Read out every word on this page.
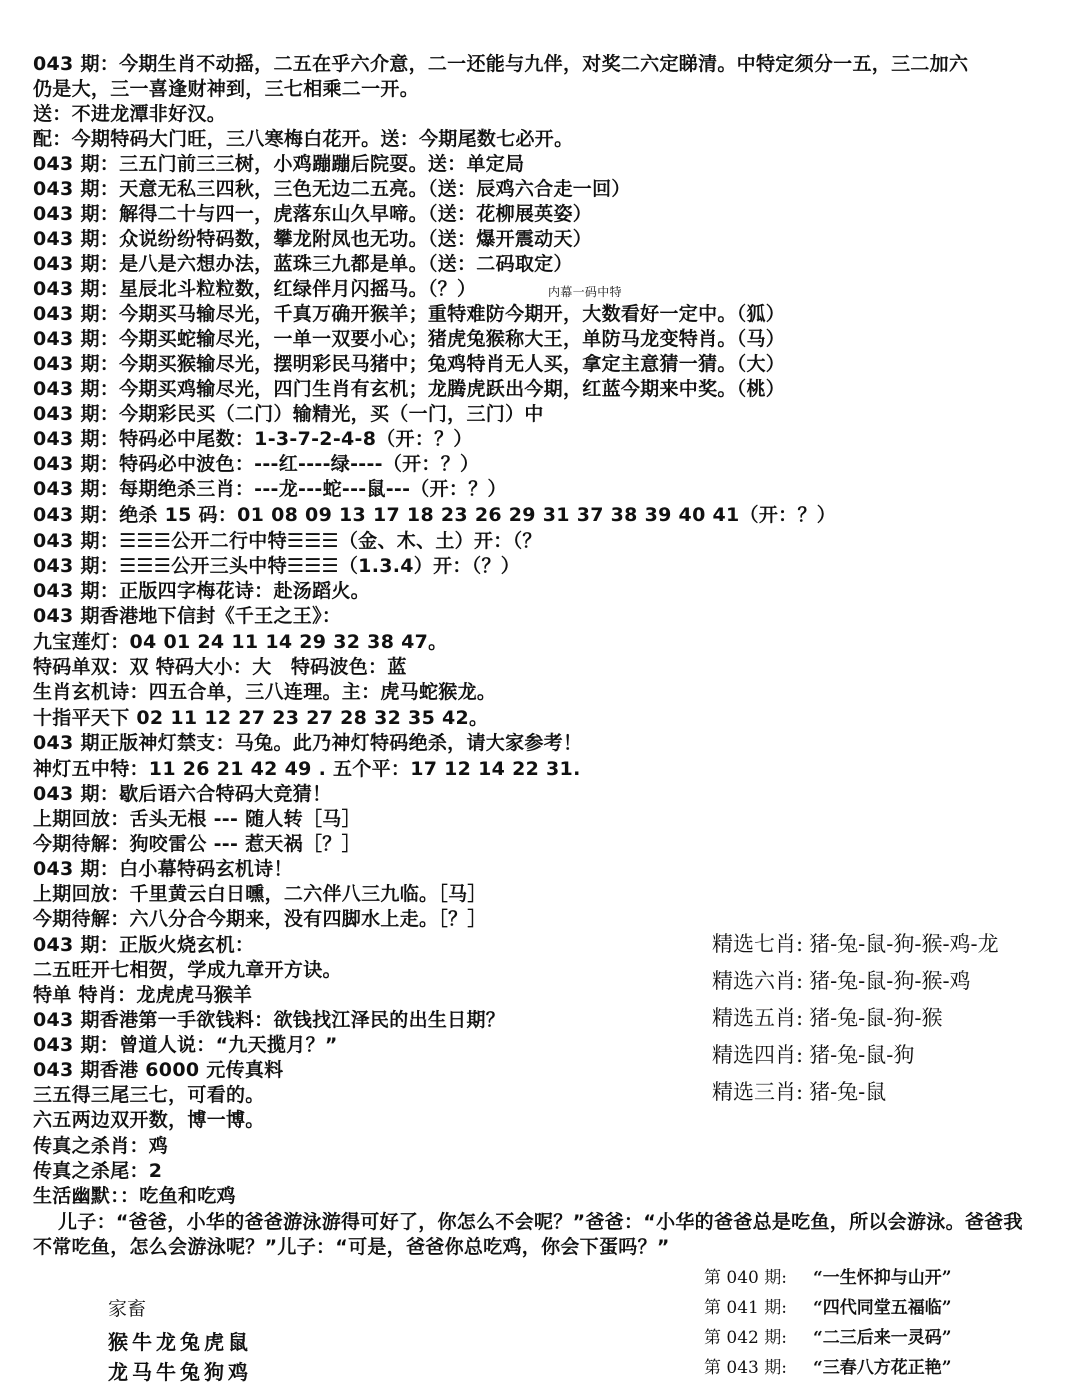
043 期：今期生肖不动摇，二五在乎六介意，二一还能与九伴，对奖二六定睇清。中特定须分一五，三二加六
仍是大，三一喜逢财神到，三七相乘二一开。
送：不进龙潭非好汉。
配：今期特码大门旺，三八寒梅白花开。送：今期尾数七必开。
043 期：三五门前三三树，小鸡蹦蹦后院耍。送：单定局
043 期：天意无私三四秋，三色无边二五亮。（送：辰鸡六合走一回）
043 期：解得二十与四一，虎落东山久早啼。（送：花柳展英姿）
043 期：众说纷纷特码数，攀龙附凤也无功。（送：爆开震动天）
043 期：是八是六想办法，蓝珠三九都是单。（送：二码取定）
043 期：星辰北斗粒粒数，红绿伴月闪摇马。（？）	内幕一码中特
043 期：今期买马输尽光，千真万确开猴羊；重特难防今期开，大数看好一定中。（狐）
043 期：今期买蛇输尽光，一单一双要小心；猪虎兔猴称大王，单防马龙变特肖。（马）
043 期：今期买猴输尽光，摆明彩民马猪中；兔鸡特肖无人买，拿定主意猜一猜。（大）
043 期：今期买鸡输尽光，四门生肖有玄机；龙腾虎跃出今期，红蓝今期来中奖。（桃）
043 期：今期彩民买（二门）输精光，买（一门，三门）中
043 期：特码必中尾数：1-3-7-2-4-8（开：？）
043 期：特码必中波色：---红----绿----（开：？）
043 期：每期绝杀三肖：---龙---蛇---鼠---（开：？）
043 期：绝杀 15 码：01 08 09 13 17 18 23 26 29 31 37 38 39 40 41（开：？）
043 期：☰☰☰公开二行中特☰☰☰（金、木、土）开：（？
043 期：☰☰☰公开三头中特☰☰☰（1.3.4）开：（？）
043 期：正版四字梅花诗：赴汤蹈火。
043 期香港地下信封《千王之王》：
九宝莲灯：04 01 24 11 14 29 32 38 47。
特码单双：双 特码大小：大　特码波色：蓝
生肖玄机诗：四五合单，三八连理。主：虎马蛇猴龙。
十指平天下 02 11 12 27 23 27 28 32 35 42。
043 期正版神灯禁支：马兔。此乃神灯特码绝杀，请大家参考！
神灯五中特：11 26 21 42 49 . 五个平：17 12 14 22 31.
043 期：歇后语六合特码大竞猜！
上期回放：舌头无根 --- 随人转［马］
今期待解：狗咬雷公 --- 惹天祸［？］
043 期：白小幕特码玄机诗！
上期回放：千里黄云白日曛，二六伴八三九临。［马］
今期待解：六八分合今期来，没有四脚水上走。［？］
043 期：正版火烧玄机：
二五旺开七相贺，学成九章开方诀。
特单 特肖：龙虎虎马猴羊
043 期香港第一手欲钱料：欲钱找江泽民的出生日期？
043 期：曾道人说：“九天揽月？”
043 期香港 6000 元传真料
三五得三尾三七，可看的。
六五两边双开数，博一博。
传真之杀肖：鸡
传真之杀尾：2
生活幽默：：吃鱼和吃鸡
儿子：“爸爸，小华的爸爸游泳游得可好了，你怎么不会呢？”爸爸：“小华的爸爸总是吃鱼，所以会游泳。爸爸我
不常吃鱼，怎么会游泳呢？”儿子：“可是，爸爸你总吃鸡，你会下蛋吗？”
精选七肖: 猪-兔-鼠-狗-猴-鸡-龙
精选六肖: 猪-兔-鼠-狗-猴-鸡
精选五肖: 猪-兔-鼠-狗-猴
精选四肖: 猪-兔-鼠-狗
精选三肖: 猪-兔-鼠
第 040 期: “一生怀抑与山开”
第 041 期: “四代同堂五福临”
第 042 期: “二三后来一灵码”
第 043 期: “三春八方花正艳”
家畜
猴牛龙兔虎鼠
龙马牛兔狗鸡
